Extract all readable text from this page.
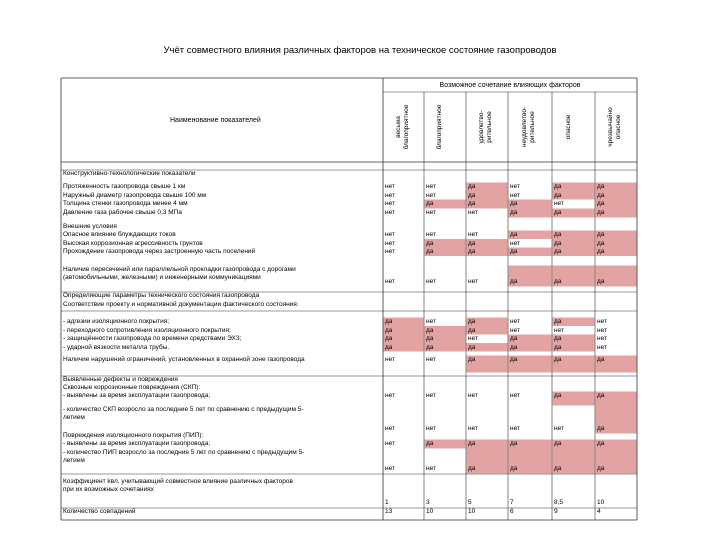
Учёт совместного влияния различных факторов на техническое состояние газопроводов
Наименование показателей
Возможное сочетание влияющих факторов
весьма благоприятное	благоприятное	удовлетво-рительное	неудовлетво-рительное	опасное	чрезвычайно опасное
Конструктивно-технологические показатели
Протяженность газопровода свыше 1 км	нет	нет	да	нет	да	да
Наружный диаметр газопровода свыше 100 мм	нет	нет	да	нет	да	да
Толщина стенки газопровода менее 4 мм	нет	да	да	да	нет	да
Давление газа рабочее свыше 0,3 МПа	нет	нет	нет	да	да	да
Внешние условия
Опасное влияние блуждающих токов	нет	нет	нет	да	да	да
Высокая коррозионная агрессивность грунтов	нет	да	да	нет	да	да
Прохождение газопровода через застроенную часть поселений	нет	да	да	да	да	да
Наличие пересечений или параллельной прокладки газопровода с дорогами
(автомобильными, железными) и инженерными коммуникациями
нет	нет	нет	да	да	да
Определяющие параметры технического состояния газопровода
Соответствие проекту и нормативной документации фактического состояния:
- адгезии изоляционного покрытия;	да	нет	да	нет	да	нет
- переходного сопротивления изоляционного покрытия;	да	да	да	нет	нет	нет
- защищённости газопровода по времени средствами ЭХЗ;	да	да	нет	да	да	нет
- ударной вязкости металла трубы.	да	да	да	да	да	нет
Наличие нарушений ограничений, установленных в охранной зоне газопровода	нет	нет	да	да	да	да
Выявленные дефекты и повреждения
Сквозные коррозионные повреждения (СКП):
- выявлены за время эксплуатации газопровода;	нет	нет	нет	нет	да	да
- количество СКП возросло за последние 5 лет по сравнению с предыдущим 5-
летием
нет	нет	нет	нет	нет	да
Повреждения изоляционного покрытия (ПИП):
- выявлены за время эксплуатации газопровода;	нет	да	да	да	да	да
- количество ПИП возросло за последние 5 лет по сравнению с предыдущим 5-
летием
нет	нет	да	да	да	да
Коэффициент kвл, учитывающий совместное влияние различных факторов
при их возможных сочетаниях
1	3	5	7	8,5	10
Количество совпадений	13	10	10	6	9	4
